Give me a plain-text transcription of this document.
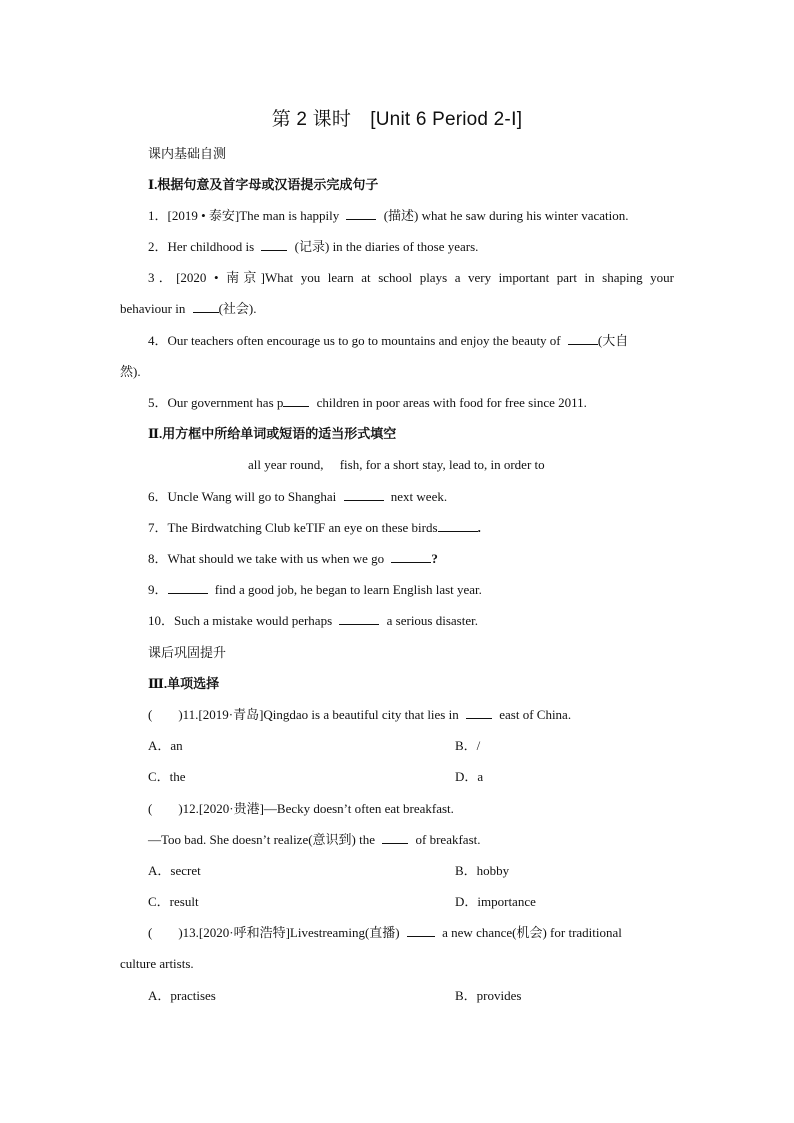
第 2 课时　[Unit 6 Period 2-Ⅰ]
课内基础自测
Ⅰ.根据句意及首字母或汉语提示完成句子
1．[2019 • 泰安]The man is happily	(描述) what he saw during his winter vacation.
2．Her childhood is	(记录) in the diaries of those years.
3．[2020 • 南京]What you learn at school plays a very important part in shaping your
behaviour in	(社会).
4．Our teachers often encourage us to go to mountains and enjoy the beauty of	(大自
然).
5．Our government has p	children in poor areas with food for free since 2011.
Ⅱ.用方框中所给单词或短语的适当形式填空
all year round,　 fish, for a short stay, lead to, in order to
6．Uncle Wang will go to Shanghai	next week.
7．The Birdwatching Club keTIF an eye on these birds	.
8．What should we take with us when we go	?
9．	find a good job, he began to learn English last year.
10．Such a mistake would perhaps	a serious disaster.
课后巩固提升
Ⅲ.单项选择
(　　)11.[2019·青岛]Qingdao is a beautiful city that lies in	east of China.
A．an	B．/
C．the	D．a
(　　)12.[2020·贵港]—Becky doesn’t often eat breakfast.
—Too bad. She doesn’t realize(意识到) the	of breakfast.
A．secret	B．hobby
C．result	D．importance
(　　)13.[2020·呼和浩特]Livestreaming(直播)	a new chance(机会) for traditional
culture artists.
A．practises	B．provides
